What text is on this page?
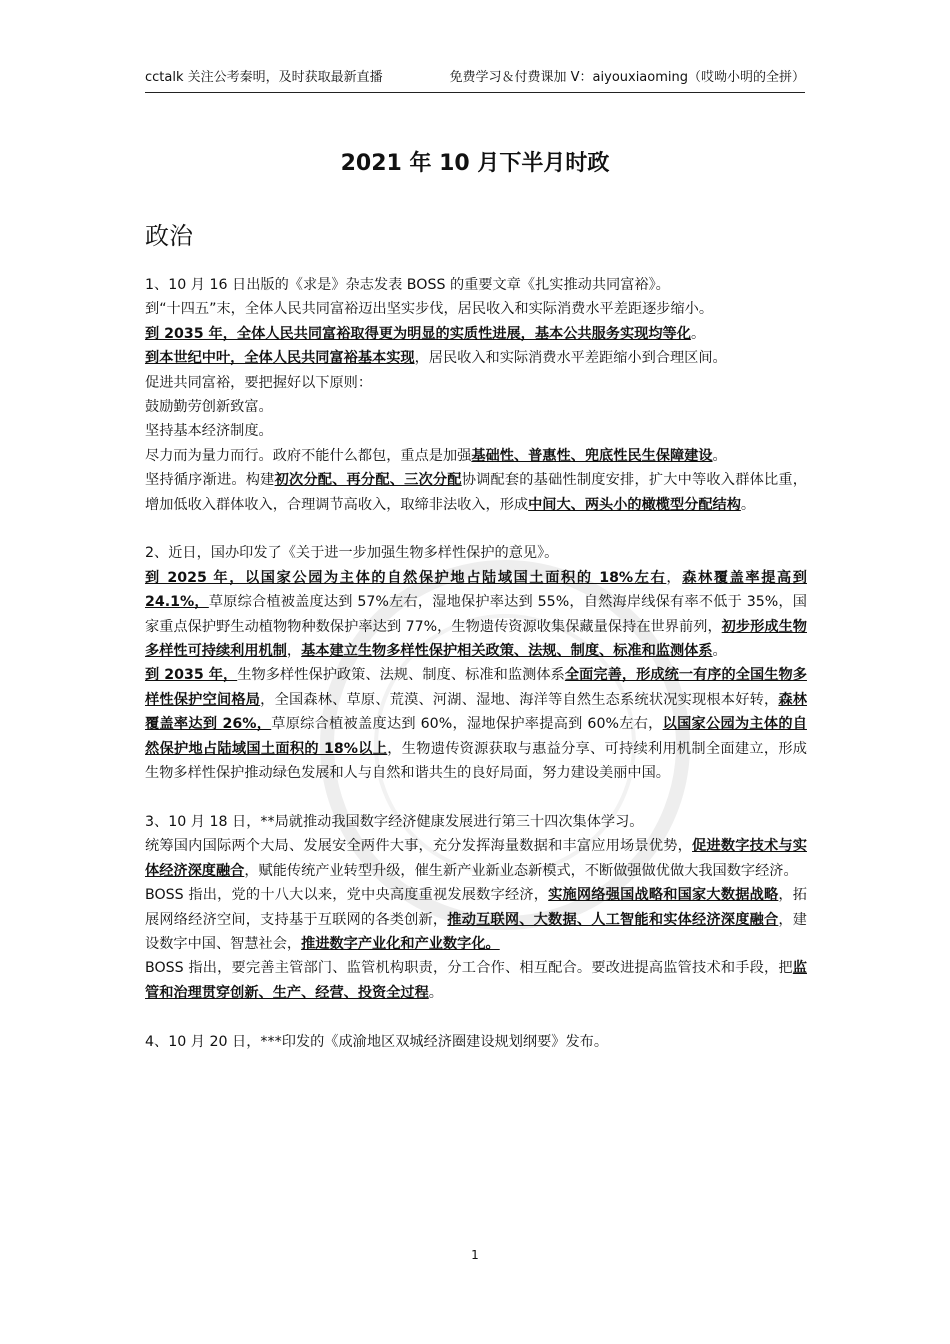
cctalk 关注公考秦明，及时获取最新直播	免费学习＆付费课加 V：aiyouxiaoming（哎呦小明的全拼）
2021 年 10 月下半月时政
政治

1、10 月 16 日出版的《求是》杂志发表 BOSS 的重要文章《扎实推动共同富裕》。

到“十四五”末，全体人民共同富裕迈出坚实步伐，居民收入和实际消费水平差距逐步缩小。

到 2035 年，全体人民共同富裕取得更为明显的实质性进展，基本公共服务实现均等化。

到本世纪中叶，全体人民共同富裕基本实现，居民收入和实际消费水平差距缩小到合理区间。

促进共同富裕，要把握好以下原则：

鼓励勤劳创新致富。

坚持基本经济制度。

尽力而为量力而行。政府不能什么都包，重点是加强基础性、普惠性、兜底性民生保障建设。

坚持循序渐进。构建初次分配、再分配、三次分配协调配套的基础性制度安排，扩大中等收入群体比重，增加低收入群体收入，合理调节高收入，取缔非法收入，形成中间大、两头小的橄榄型分配结构。

2、近日，国办印发了《关于进一步加强生物多样性保护的意见》。

到 2025 年，以国家公园为主体的自然保护地占陆域国土面积的 18%左右，森林覆盖率提高到 24.1%，草原综合植被盖度达到 57%左右，湿地保护率达到 55%，自然海岸线保有率不低于 35%，国家重点保护野生动植物物种数保护率达到 77%，生物遗传资源收集保藏量保持在世界前列，初步形成生物多样性可持续利用机制，基本建立生物多样性保护相关政策、法规、制度、标准和监测体系。

到 2035 年，生物多样性保护政策、法规、制度、标准和监测体系全面完善，形成统一有序的全国生物多样性保护空间格局，全国森林、草原、荒漠、河湖、湿地、海洋等自然生态系统状况实现根本好转，森林覆盖率达到 26%，草原综合植被盖度达到 60%，湿地保护率提高到 60%左右，以国家公园为主体的自然保护地占陆域国土面积的 18%以上，生物遗传资源获取与惠益分享、可持续利用机制全面建立，形成生物多样性保护推动绿色发展和人与自然和谐共生的良好局面，努力建设美丽中国。

3、10 月 18 日，**局就推动我国数字经济健康发展进行第三十四次集体学习。

统筹国内国际两个大局、发展安全两件大事，充分发挥海量数据和丰富应用场景优势，促进数字技术与实体经济深度融合，赋能传统产业转型升级，催生新产业新业态新模式，不断做强做优做大我国数字经济。

BOSS 指出，党的十八大以来，党中央高度重视发展数字经济，实施网络强国战略和国家大数据战略，拓展网络经济空间，支持基于互联网的各类创新，推动互联网、大数据、人工智能和实体经济深度融合，建设数字中国、智慧社会，推进数字产业化和产业数字化。

BOSS 指出，要完善主管部门、监管机构职责，分工合作、相互配合。要改进提高监管技术和手段，把监管和治理贯穿创新、生产、经营、投资全过程。

4、10 月 20 日，***印发的《成渝地区双城经济圈建设规划纲要》发布。

1
